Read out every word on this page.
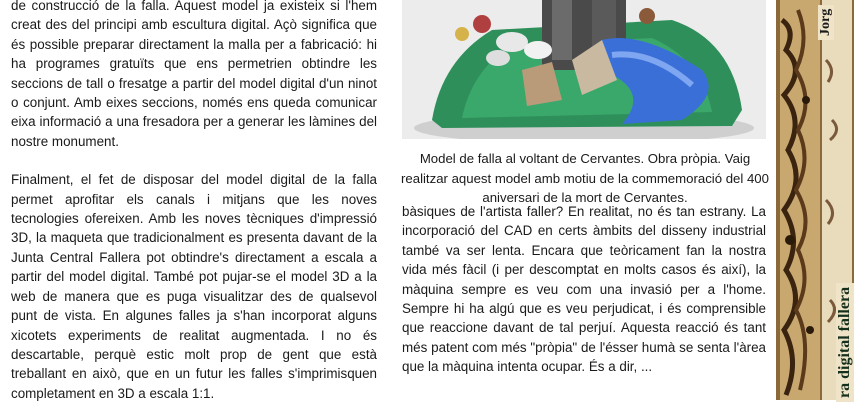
de construcció de la falla. Aquest model ja existeix si l'hem creat des del principi amb escultura digital. Açò significa que és possible preparar directament la malla per a fabricació: hi ha programes gratuïts que ens permetrien obtindre les seccions de tall o fresatge a partir del model digital d'un ninot o conjunt. Amb eixes seccions, només ens queda comunicar eixa informació a una fresadora per a generar les làmines del nostre monument.

Finalment, el fet de disposar del model digital de la falla permet aprofitar els canals i mitjans que les noves tecnologies ofereixen. Amb les noves tècniques d'impressió 3D, la maqueta que tradicionalment es presenta davant de la Junta Central Fallera pot obtindre's directament a escala a partir del model digital. També pot pujar-se el model 3D a la web de manera que es puga visualitzar des de qualsevol punt de vista. En algunes falles ja s'han incorporat alguns xicotets experiments de realitat augmentada. I no és descartable, perquè estic molt prop de gent que està treballant en això, que en un futur les falles s'imprimisquen completament en 3D a escala 1:1.

Model de falla al voltant de Cervantes. Obra pròpia. Vaig realitzar aquest model amb motiu de la commemoració del 400 aniversari de la mort de Cervantes.

bàsiques de l'artista faller? En realitat, no és tan estrany. La incorporació del CAD en certs àmbits del disseny industrial també va ser lenta. Encara que teòricament fan la nostra vida més fàcil (i per descomptat en molts casos és així), la màquina sempre es veu com una invasió per a l'home. Sempre hi ha algú que es veu perjudicat, i és comprensible que reaccione davant de tal perjuí. Aquesta reacció és tant més patent com més "pròpia" de l'ésser humà se senta l'àrea que la màquina intenta ocupar. És a dir, ...

Jorg
ra digital fallera
